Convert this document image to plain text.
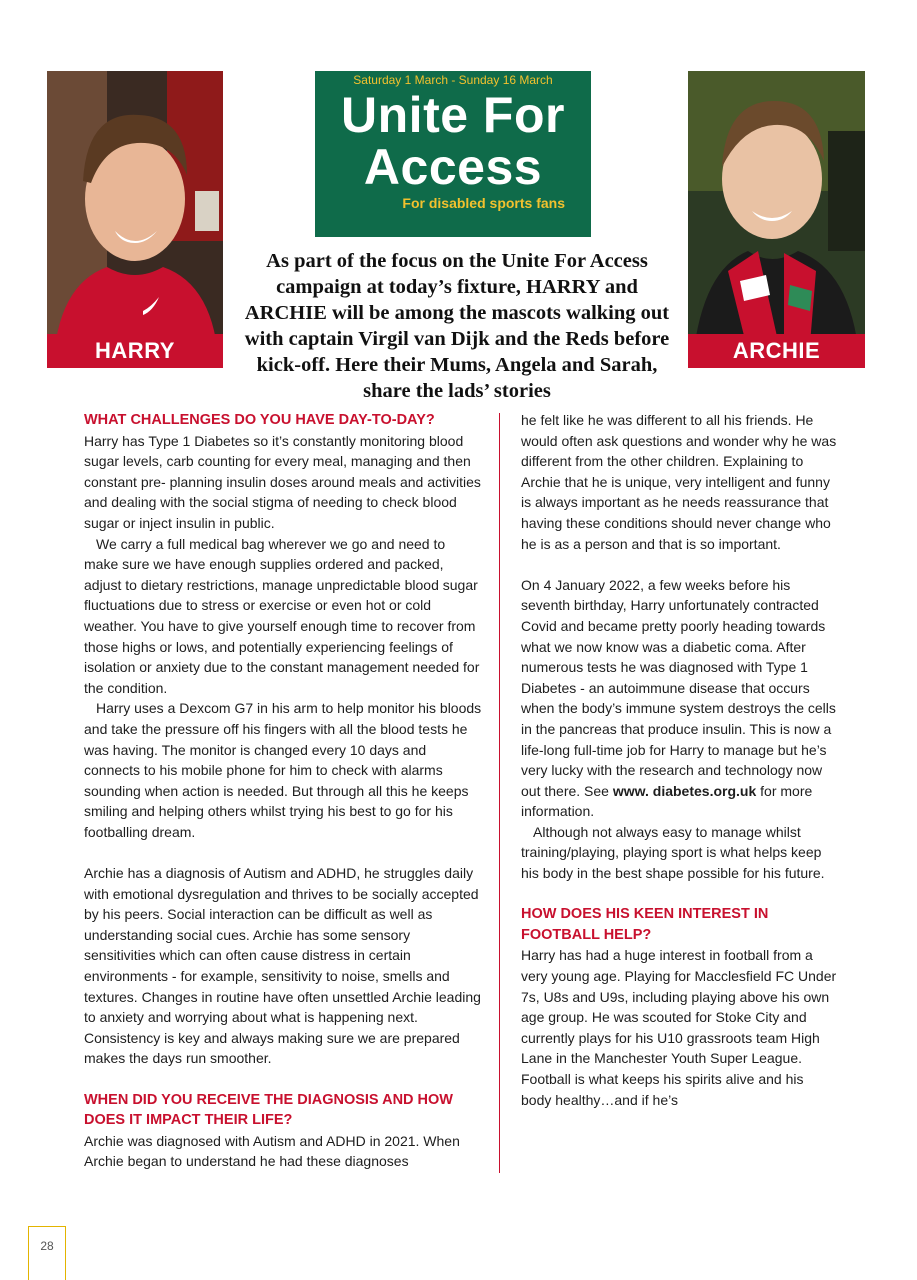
HARRY
Saturday 1 March - Sunday 16 March
Unite For
Access
For disabled sports fans
ARCHIE
As part of the focus on the Unite For Access campaign at today’s fixture, HARRY and ARCHIE will be among the mascots walking out with captain Virgil van Dijk and the Reds before kick-off. Here their Mums, Angela and Sarah, share the lads’ stories

WHAT CHALLENGES DO YOU HAVE DAY-TO-DAY?

Harry has Type 1 Diabetes so it’s constantly monitoring blood sugar levels, carb counting for every meal, managing and then constant pre- planning insulin doses around meals and activities and dealing with the social stigma of needing to check blood sugar or inject insulin in public.

We carry a full medical bag wherever we go and need to make sure we have enough supplies ordered and packed, adjust to dietary restrictions, manage unpredictable blood sugar fluctuations due to stress or exercise or even hot or cold weather. You have to give yourself enough time to recover from those highs or lows, and potentially experiencing feelings of isolation or anxiety due to the constant management needed for the condition.

Harry uses a Dexcom G7 in his arm to help monitor his bloods and take the pressure off his fingers with all the blood tests he was having. The monitor is changed every 10 days and connects to his mobile phone for him to check with alarms sounding when action is needed. But through all this he keeps smiling and helping others whilst trying his best to go for his footballing dream.

Archie has a diagnosis of Autism and ADHD, he struggles daily with emotional dysregulation and thrives to be socially accepted by his peers. Social interaction can be difficult as well as understanding social cues. Archie has some sensory sensitivities which can often cause distress in certain environments - for example, sensitivity to noise, smells and textures. Changes in routine have often unsettled Archie leading to anxiety and worrying about what is happening next. Consistency is key and always making sure we are prepared makes the days run smoother.

WHEN DID YOU RECEIVE THE DIAGNOSIS AND HOW DOES IT IMPACT THEIR LIFE?

Archie was diagnosed with Autism and ADHD in 2021. When Archie began to understand he had these diagnoses

he felt like he was different to all his friends. He would often ask questions and wonder why he was different from the other children. Explaining to Archie that he is unique, very intelligent and funny is always important as he needs reassurance that having these conditions should never change who he is as a person and that is so important.

On 4 January 2022, a few weeks before his seventh birthday, Harry unfortunately contracted Covid and became pretty poorly heading towards what we now know was a diabetic coma. After numerous tests he was diagnosed with Type 1 Diabetes - an autoimmune disease that occurs when the body’s immune system destroys the cells in the pancreas that produce insulin. This is now a life-long full-time job for Harry to manage but he’s very lucky with the research and technology now out there. See www. diabetes.org.uk for more information.

Although not always easy to manage whilst training/playing, playing sport is what helps keep his body in the best shape possible for his future.

HOW DOES HIS KEEN INTEREST IN FOOTBALL HELP?

Harry has had a huge interest in football from a very young age. Playing for Macclesfield FC Under 7s, U8s and U9s, including playing above his own age group. He was scouted for Stoke City and currently plays for his U10 grassroots team High Lane in the Manchester Youth Super League. Football is what keeps his spirits alive and his body healthy…and if he’s

28
